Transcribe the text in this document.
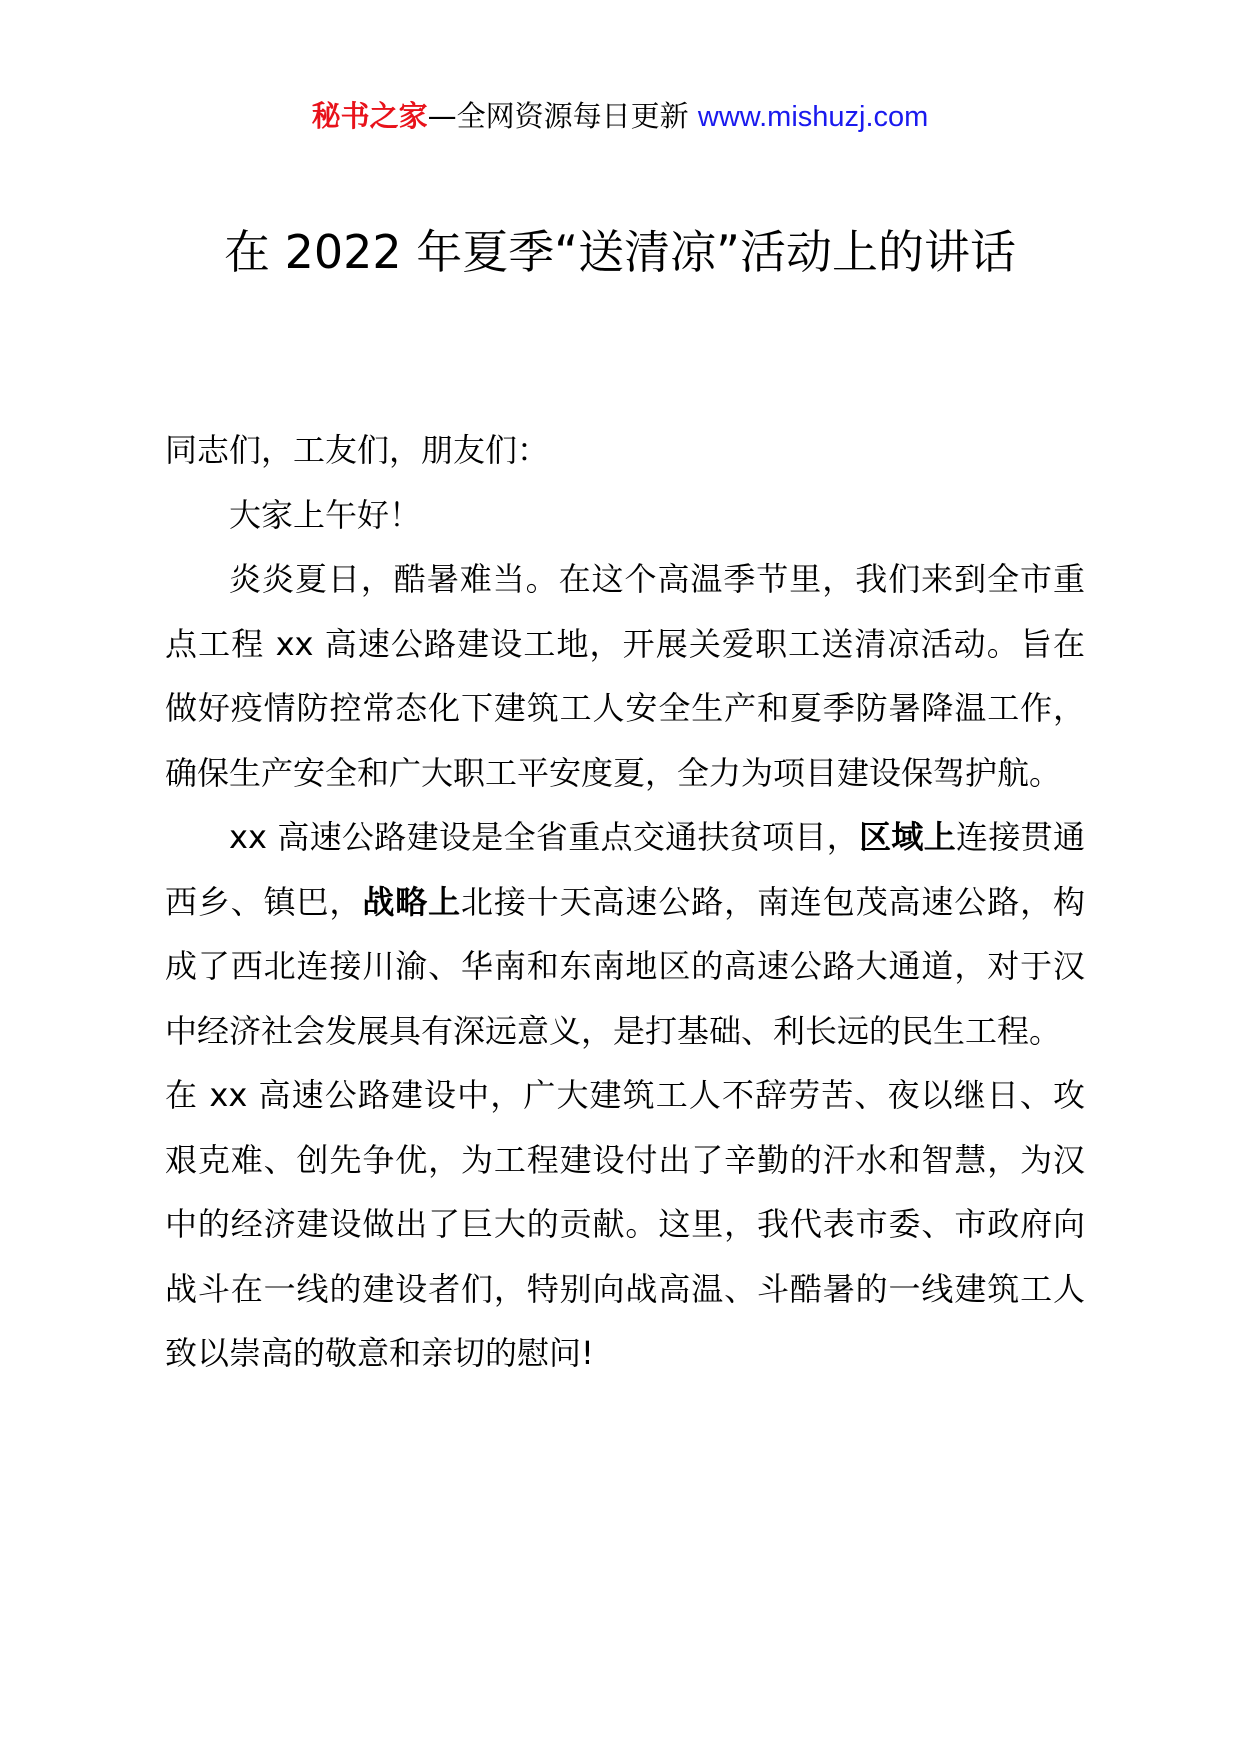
秘书之家—全网资源每日更新 www.mishuzj.com
在 2022 年夏季“送清凉”活动上的讲话

同志们，工友们，朋友们：

大家上午好！

炎炎夏日，酷暑难当。在这个高温季节里，我们来到全市重点工程 xx 高速公路建设工地，开展关爱职工送清凉活动。旨在做好疫情防控常态化下建筑工人安全生产和夏季防暑降温工作，确保生产安全和广大职工平安度夏，全力为项目建设保驾护航。

xx 高速公路建设是全省重点交通扶贫项目，区域上连接贯通西乡、镇巴，战略上北接十天高速公路，南连包茂高速公路，构成了西北连接川渝、华南和东南地区的高速公路大通道，对于汉中经济社会发展具有深远意义，是打基础、利长远的民生工程。

在 xx 高速公路建设中，广大建筑工人不辞劳苦、夜以继日、攻艰克难、创先争优，为工程建设付出了辛勤的汗水和智慧，为汉中的经济建设做出了巨大的贡献。这里，我代表市委、市政府向战斗在一线的建设者们，特别向战高温、斗酷暑的一线建筑工人致以崇高的敬意和亲切的慰问!
